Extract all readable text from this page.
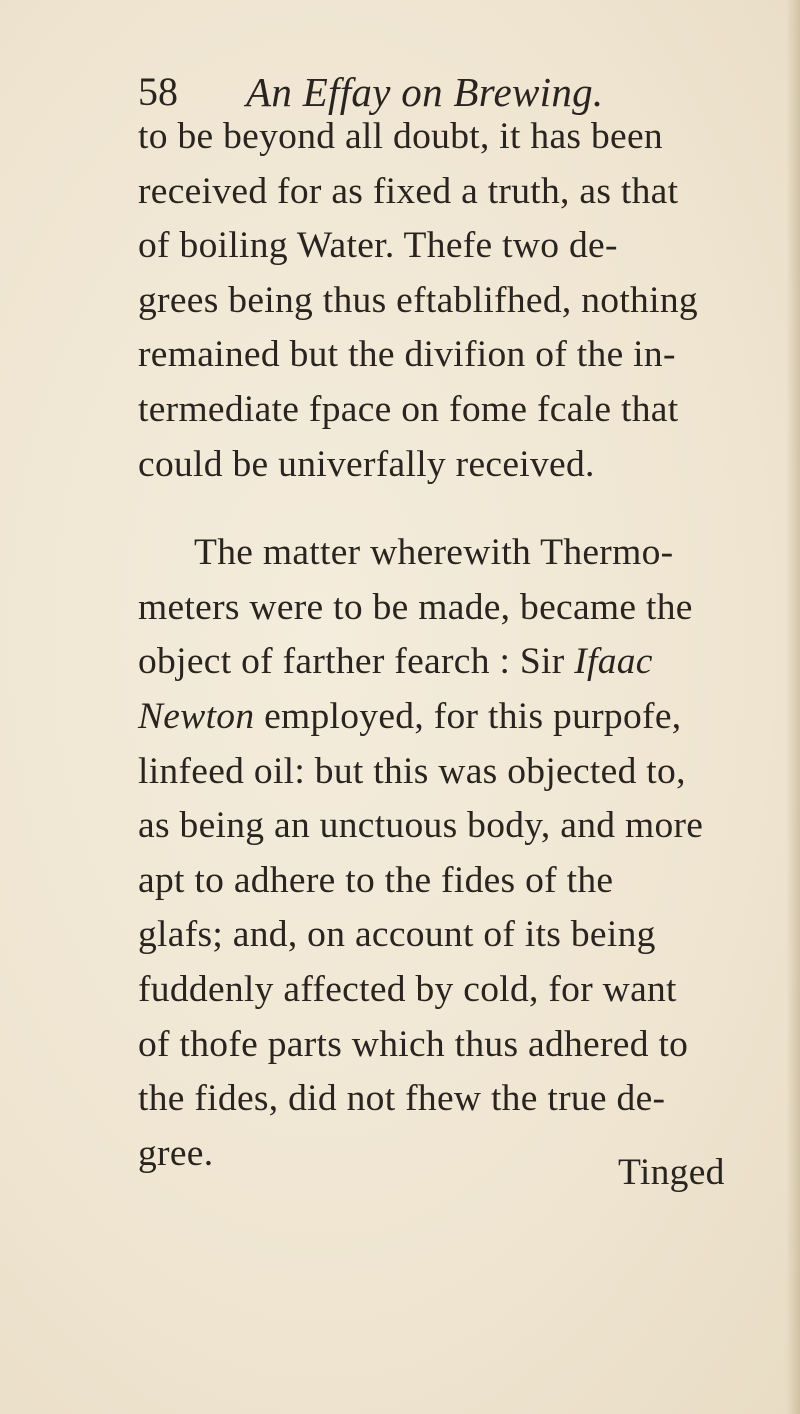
58 An Effay on Brewing.
to be beyond all doubt, it has been
received for as fixed a truth, as that
of boiling Water. Thefe two de-
grees being thus eftablifhed, nothing
remained but the divifion of the in-
termediate fpace on fome fcale that
could be univerfally received.
The matter wherewith Thermo-
meters were to be made, became the
object of farther fearch : Sir Ifaac
Newton employed, for this purpofe,
linfeed oil: but this was objected to,
as being an unctuous body, and more
apt to adhere to the fides of the
glafs; and, on account of its being
fuddenly affected by cold, for want
of thofe parts which thus adhered to
the fides, did not fhew the true de-
gree.	Tinged
